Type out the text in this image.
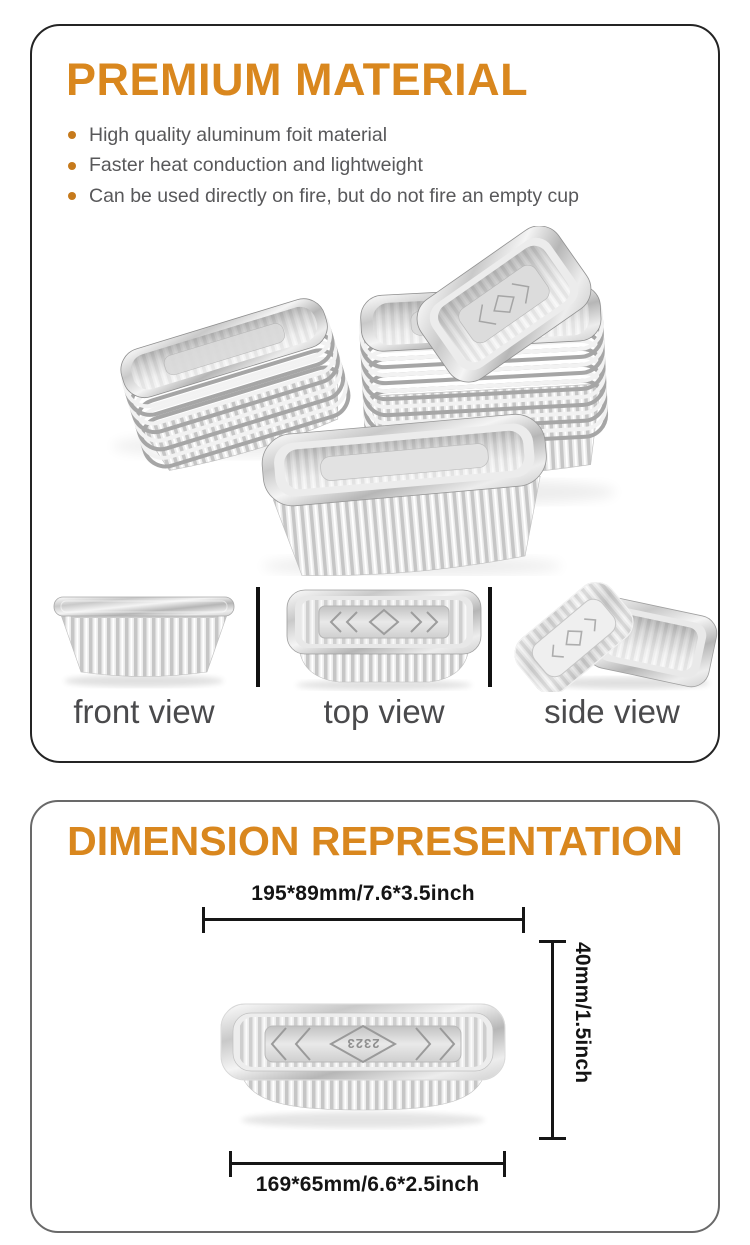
PREMIUM MATERIAL
High quality aluminum foit material
Faster heat conduction and lightweight
Can be used directly on fire, but do not fire an empty cup
front view	top view	side view
DIMENSION REPRESENTATION
195*89mm/7.6*3.5inch
40mm/1.5inch
2323
169*65mm/6.6*2.5inch
